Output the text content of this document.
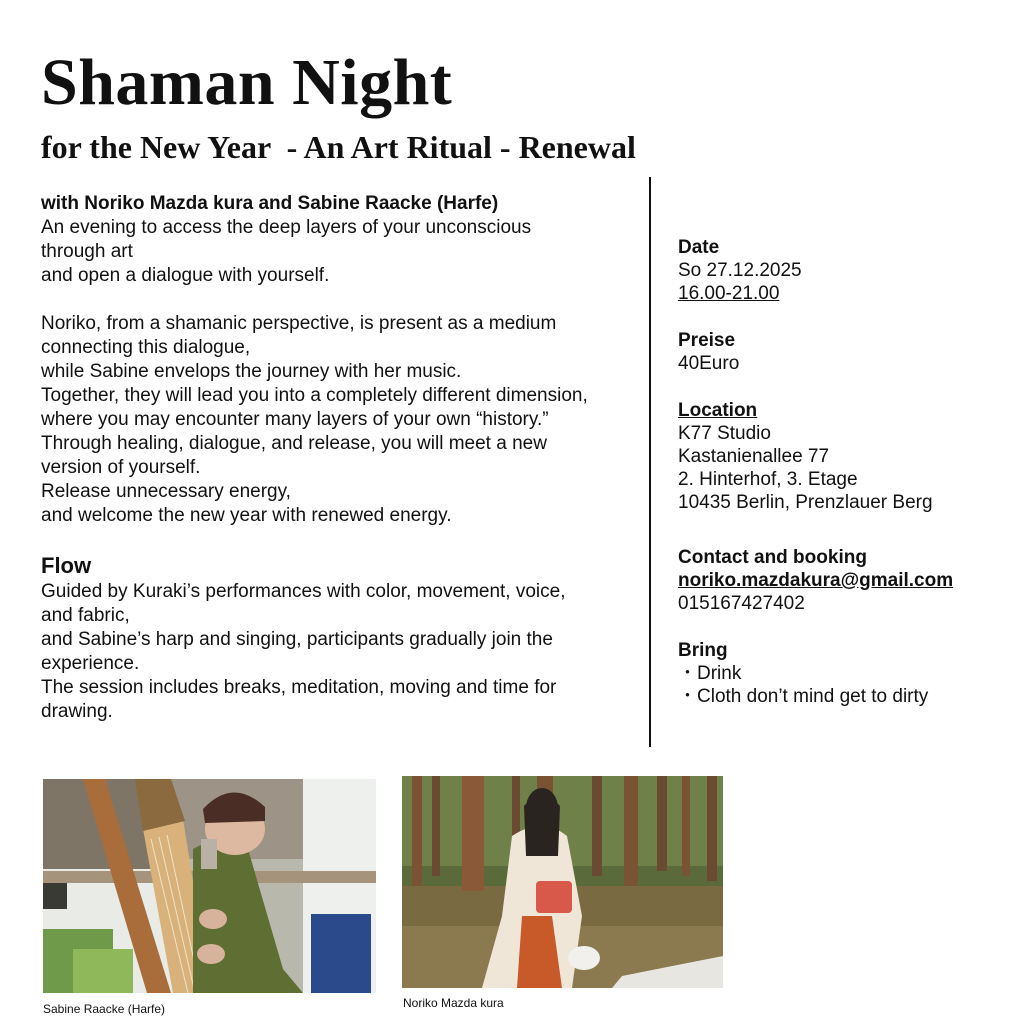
Shaman Night
for the New Year  - An Art Ritual - Renewal

with Noriko Mazda kura and Sabine Raacke (Harfe)

An evening to access the deep layers of your unconscious

through art

and open a dialogue with yourself.

Noriko, from a shamanic perspective, is present as a medium

connecting this dialogue,

while Sabine envelops the journey with her music.

Together, they will lead you into a completely different dimension,

where you may encounter many layers of your own “history.”

Through healing, dialogue, and release, you will meet a new

version of yourself.

Release unnecessary energy,

and welcome the new year with renewed energy.

Flow

Guided by Kuraki’s performances with color, movement, voice,

and fabric,

and Sabine’s harp and singing, participants gradually join the

experience.

The session includes breaks, meditation, moving and time for

drawing.

Date

So 27.12.2025

16.00-21.00

Preise

40Euro

Location

K77 Studio

Kastanienallee 77

2. Hinterhof, 3. Etage

10435 Berlin, Prenzlauer Berg

Contact and booking

noriko.mazdakura@gmail.com

015167427402

Bring

・Drink

・Cloth don’t mind get to dirty

Sabine Raacke (Harfe)	Noriko Mazda kura
